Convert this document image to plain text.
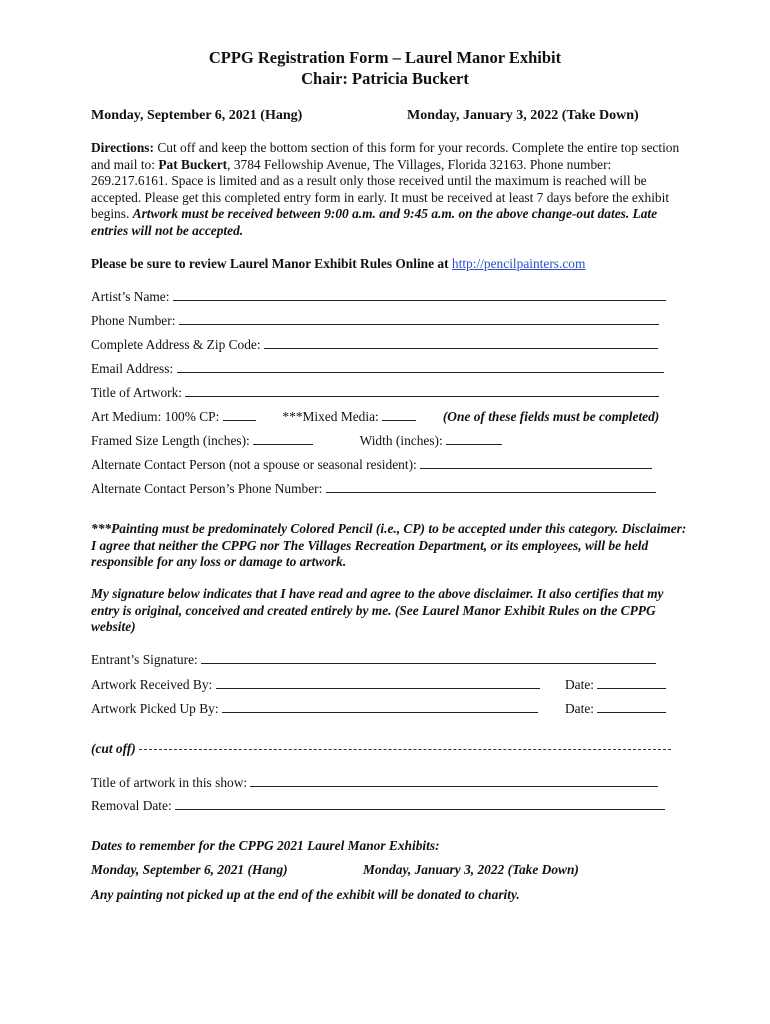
CPPG Registration Form – Laurel Manor Exhibit
Chair: Patricia Buckert
Monday, September 6, 2021 (Hang)	Monday, January 3, 2022 (Take Down)
Directions: Cut off and keep the bottom section of this form for your records. Complete the entire top section and mail to: Pat Buckert, 3784 Fellowship Avenue, The Villages, Florida 32163. Phone number: 269.217.6161. Space is limited and as a result only those received until the maximum is reached will be accepted. Please get this completed entry form in early. It must be received at least 7 days before the exhibit begins. Artwork must be received between 9:00 a.m. and 9:45 a.m. on the above change-out dates. Late entries will not be accepted.
Please be sure to review Laurel Manor Exhibit Rules Online at http://pencilpainters.com
Artist’s Name:
Phone Number:
Complete Address & Zip Code:
Email Address:
Title of Artwork:
Art Medium: 100% CP:	***Mixed Media:	(One of these fields must be completed)
Framed Size Length (inches):	Width (inches):
Alternate Contact Person (not a spouse or seasonal resident):
Alternate Contact Person’s Phone Number:
***Painting must be predominately Colored Pencil (i.e., CP) to be accepted under this category. Disclaimer: I agree that neither the CPPG nor The Villages Recreation Department, or its employees, will be held responsible for any loss or damage to artwork.
My signature below indicates that I have read and agree to the above disclaimer. It also certifies that my entry is original, conceived and created entirely by me. (See Laurel Manor Exhibit Rules on the CPPG website)
Entrant’s Signature:
Artwork Received By:	Date:
Artwork Picked Up By:	Date:
(cut off)
Title of artwork in this show:
Removal Date:
Dates to remember for the CPPG 2021 Laurel Manor Exhibits:
Monday, September 6, 2021 (Hang)	Monday, January 3, 2022 (Take Down)
Any painting not picked up at the end of the exhibit will be donated to charity.
